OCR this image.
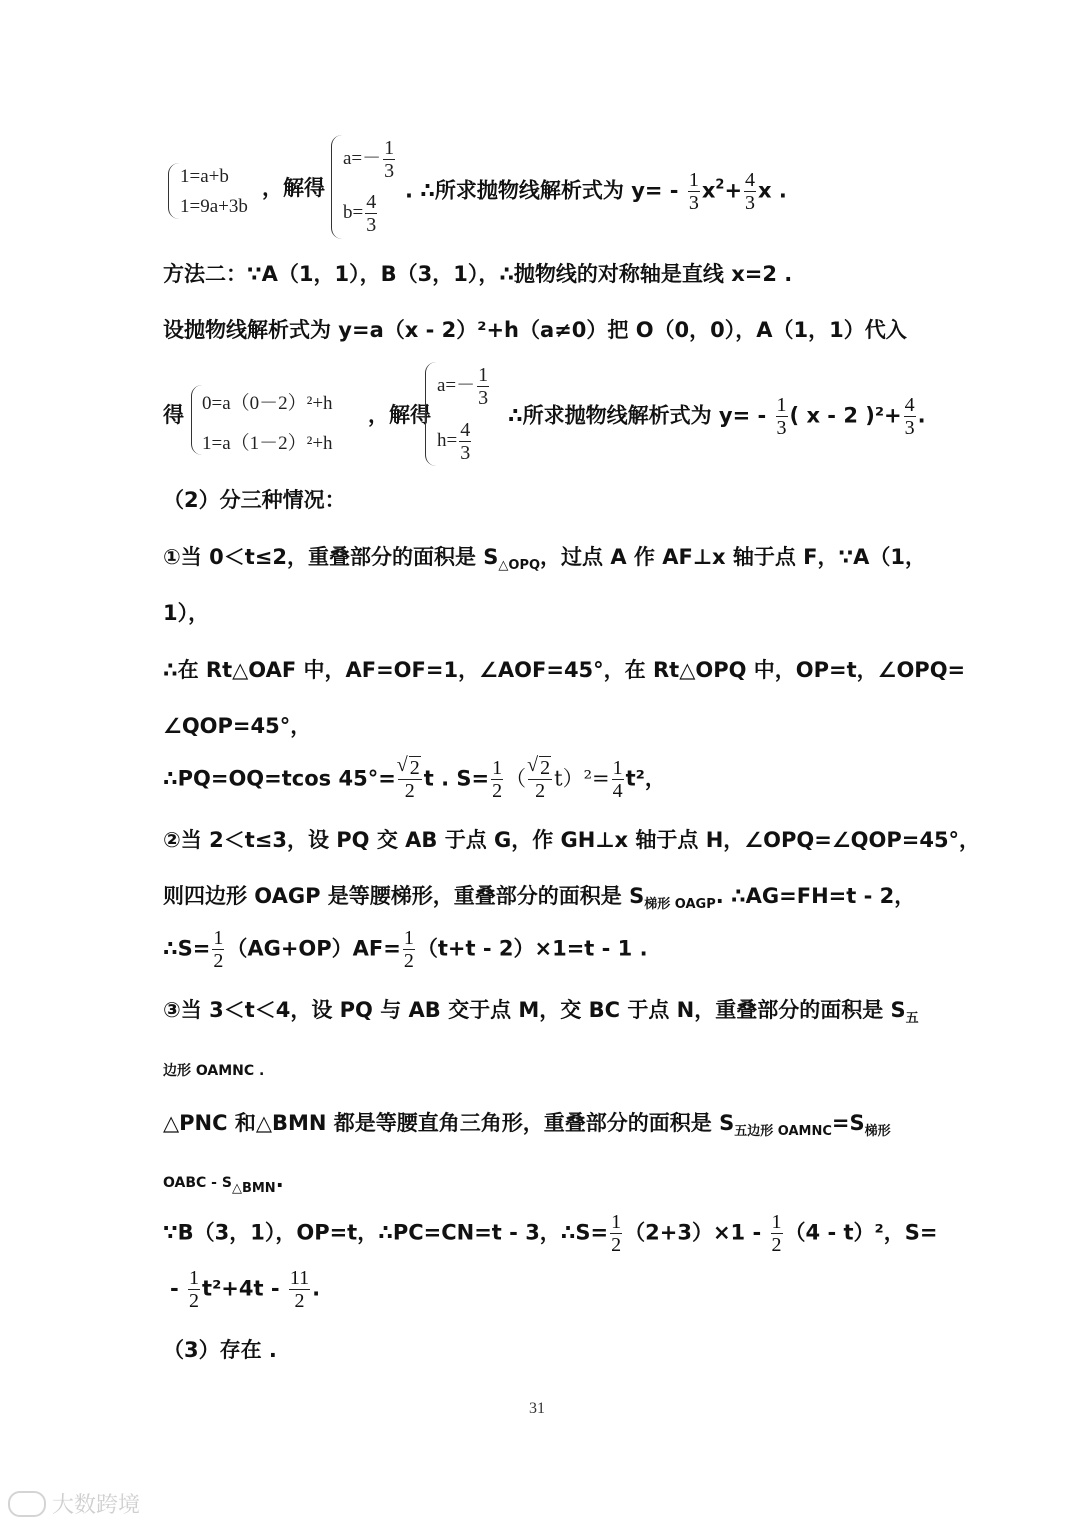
1=a+b
1=9a+3b
，解得
$a=- \frac{1}{3}$
$b= \frac{4}{3}$
. ∴所求抛物线解析式为 $y= - \frac{1}{3} x^2+ \frac{4}{3}$ x .
方法二：∵A（1，1），B（3，1），∴抛物线的对称轴是直线 x=2 .
设抛物线解析式为 y=a（x - 2）²+h（a≠0）把 O（0，0），A（1，1）代入
得 0=a（0－2）²+h
1=a（1－2）²+h
，解得
$a=- \frac{1}{3}$
$h= \frac{4}{3}$
∴所求抛物线解析式为 $y= - \frac{1}{3}$ ( x - 2 )$^2+ \frac{4}{3}$ .
（2）分三种情况：
①当 0＜t≤2，重叠部分的面积是 $S_{\triangle OPQ}$，过点 A 作 AF⊥x 轴于点 F，∵A（1，
1），
∴在 Rt△OAF 中，AF=OF=1，∠AOF=45°，在 Rt△OPQ 中，OP=t，∠OPQ=
∠QOP=45°，
∴PQ=OQ=tcos 45°= √ $\frac{2}{2}$ t . $S= \frac{1}{2}$ （ √ $\frac{2}{2} t)^2= \frac{1}{4} t^2$，
②当 2＜t≤3，设 PQ 交 AB 于点 G，作 GH⊥x 轴于点 H，∠OPQ=∠QOP=45°，
则四边形 OAGP 是等腰梯形，重叠部分的面积是 $S_{梯形 OAGP}$. ∴AG=FH=t - 2，
∴S= $\frac{1}{2} (AG+OP)AF= \frac{1}{2} (t+t - 2)\times 1=t - 1$ .
③当 3＜t＜4，设 PQ 与 AB 交于点 M，交 BC 于点 N，重叠部分的面积是 $S_五$
边形 OAMNC .
△PNC 和△BMN 都是等腰直角三角形，重叠部分的面积是 $S_{五边形 OAMNC}=S_{梯形}$
OABC - $S_{\triangle BMN}$.
∵B（3，1），OP=t，∴PC=CN=t - 3，∴S= $\frac{1}{2} (2+3)\times 1 - \frac{1}{2} (4 - t)^2$，S=
- $\frac{1}{2} t^2+4t - \frac{11}{2}$ .
（3）存在 .
31
大数跨境
